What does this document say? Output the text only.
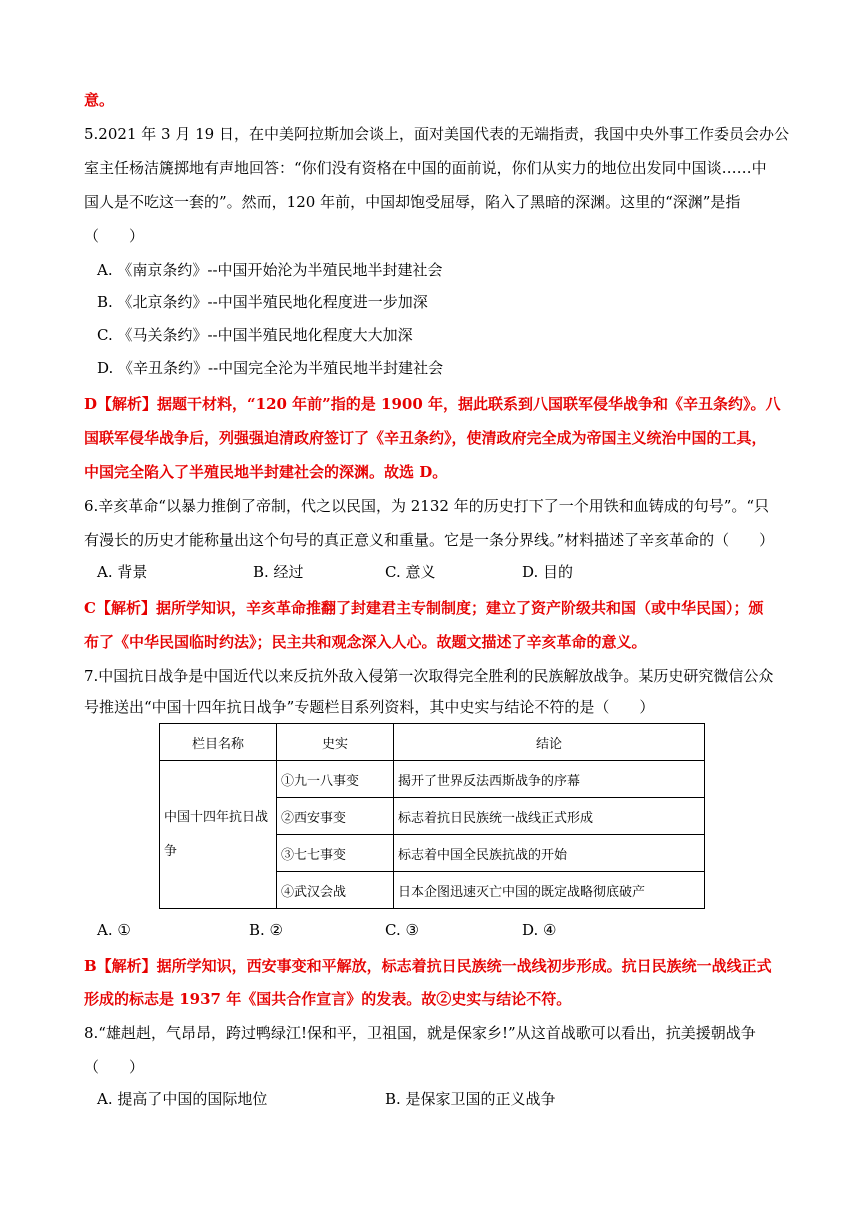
意。
5.2021 年 3 月 19 日，在中美阿拉斯加会谈上，面对美国代表的无端指责，我国中央外事工作委员会办公
室主任杨洁篪掷地有声地回答：“你们没有资格在中国的面前说，你们从实力的地位出发同中国谈……中
国人是不吃这一套的”。然而，120 年前，中国却饱受屈辱，陷入了黑暗的深渊。这里的“深渊”是指
（　　）
A. 《南京条约》--中国开始沦为半殖民地半封建社会
B. 《北京条约》--中国半殖民地化程度进一步加深
C. 《马关条约》--中国半殖民地化程度大大加深
D. 《辛丑条约》--中国完全沦为半殖民地半封建社会
D【解析】据题干材料，“120 年前”指的是 1900 年，据此联系到八国联军侵华战争和《辛丑条约》。八
国联军侵华战争后，列强强迫清政府签订了《辛丑条约》，使清政府完全成为帝国主义统治中国的工具，
中国完全陷入了半殖民地半封建社会的深渊。故选 D。
6.辛亥革命“以暴力推倒了帝制，代之以民国，为 2132 年的历史打下了一个用铁和血铸成的句号”。“只
有漫长的历史才能称量出这个句号的真正意义和重量。它是一条分界线。”材料描述了辛亥革命的（　　）
A. 背景	B. 经过	C. 意义	D. 目的
C【解析】据所学知识，辛亥革命推翻了封建君主专制制度；建立了资产阶级共和国（或中华民国）；颁
布了《中华民国临时约法》；民主共和观念深入人心。故题文描述了辛亥革命的意义。
7.中国抗日战争是中国近代以来反抗外敌入侵第一次取得完全胜利的民族解放战争。某历史研究微信公众
号推送出“中国十四年抗日战争”专题栏目系列资料，其中史实与结论不符的是（　　）
栏目名称	史实	结论
中国十四年抗日战争	①九一八事变	揭开了世界反法西斯战争的序幕
	②西安事变	标志着抗日民族统一战线正式形成
	③七七事变	标志着中国全民族抗战的开始
	④武汉会战	日本企图迅速灭亡中国的既定战略彻底破产
A. ①	B. ②	C. ③	D. ④
B【解析】据所学知识，西安事变和平解放，标志着抗日民族统一战线初步形成。抗日民族统一战线正式
形成的标志是 1937 年《国共合作宣言》的发表。故②史实与结论不符。
8.“雄赳赳，气昂昂，跨过鸭绿江!保和平，卫祖国，就是保家乡!”从这首战歌可以看出，抗美援朝战争
（　　）
A. 提高了中国的国际地位	B. 是保家卫国的正义战争
